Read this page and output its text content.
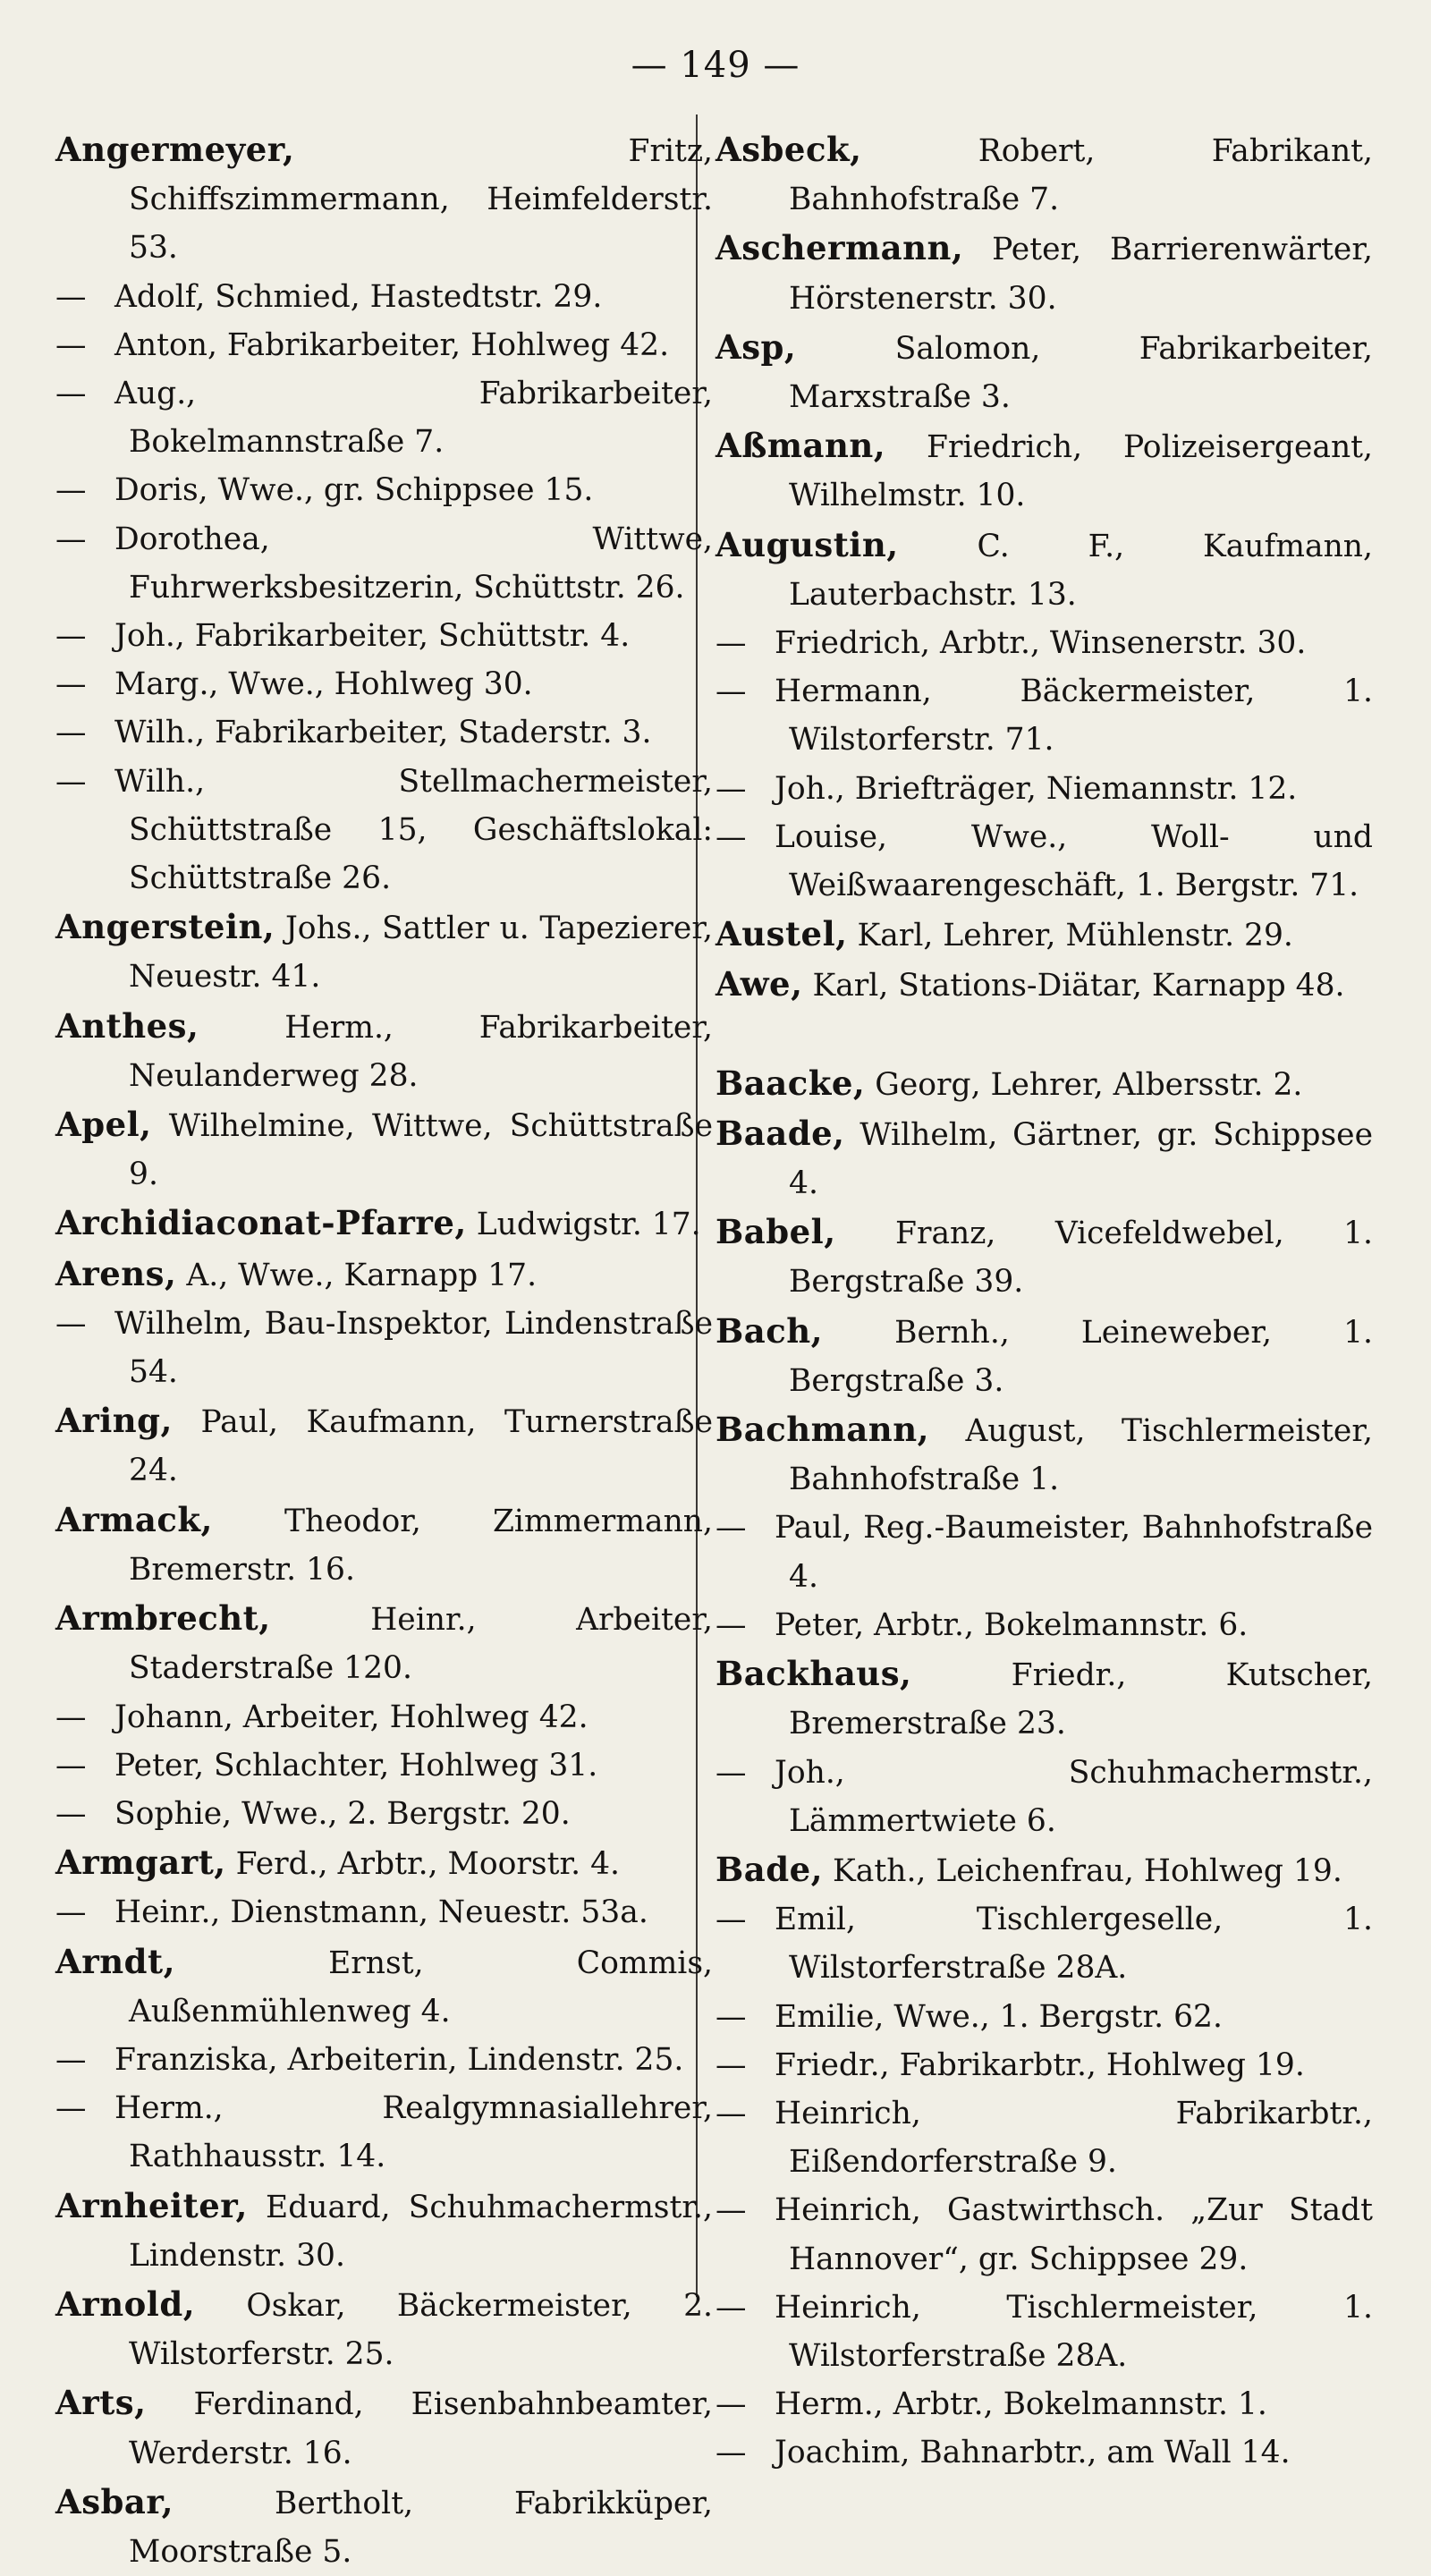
— 149 —
Angermeyer, Fritz, Schiffszimmermann, Heimfelderstr. 53.
— Adolf, Schmied, Hastedtstr. 29.
— Anton, Fabrikarbeiter, Hohlweg 42.
— Aug., Fabrikarbeiter, Bokelmannstraße 7.
— Doris, Wwe., gr. Schippsee 15.
— Dorothea, Wittwe, Fuhrwerksbesitzerin, Schüttstr. 26.
— Joh., Fabrikarbeiter, Schüttstr. 4.
— Marg., Wwe., Hohlweg 30.
— Wilh., Fabrikarbeiter, Staderstr. 3.
— Wilh., Stellmachermeister, Schüttstraße 15, Geschäftslokal: Schüttstraße 26.
Angerstein, Johs., Sattler u. Tapezierer, Neuestr. 41.
Anthes, Herm., Fabrikarbeiter, Neulanderweg 28.
Apel, Wilhelmine, Wittwe, Schüttstraße 9.
Archidiaconat-Pfarre, Ludwigstr. 17.
Arens, A., Wwe., Karnapp 17.
— Wilhelm, Bau-Inspektor, Lindenstraße 54.
Aring, Paul, Kaufmann, Turnerstraße 24.
Armack, Theodor, Zimmermann, Bremerstr. 16.
Armbrecht, Heinr., Arbeiter, Staderstraße 120.
— Johann, Arbeiter, Hohlweg 42.
— Peter, Schlachter, Hohlweg 31.
— Sophie, Wwe., 2. Bergstr. 20.
Armgart, Ferd., Arbtr., Moorstr. 4.
— Heinr., Dienstmann, Neuestr. 53a.
Arndt, Ernst, Commis, Außenmühlenweg 4.
— Franziska, Arbeiterin, Lindenstr. 25.
— Herm., Realgymnasiallehrer, Rathhausstr. 14.
Arnheiter, Eduard, Schuhmachermstr., Lindenstr. 30.
Arnold, Oskar, Bäckermeister, 2. Wilstorferstr. 25.
Arts, Ferdinand, Eisenbahnbeamter, Werderstr. 16.
Asbar, Bertholt, Fabrikküper, Moorstraße 5.
Asbeck, Robert, Fabrikant, Bahnhofstraße 7.
Aschermann, Peter, Barrierenwärter, Hörstenerstr. 30.
Asp, Salomon, Fabrikarbeiter, Marxstraße 3.
Aßmann, Friedrich, Polizeisergeant, Wilhelmstr. 10.
Augustin, C. F., Kaufmann, Lauterbachstr. 13.
— Friedrich, Arbtr., Winsenerstr. 30.
— Hermann, Bäckermeister, 1. Wilstorferstr. 71.
— Joh., Briefträger, Niemannstr. 12.
— Louise, Wwe., Woll- und Weißwaarengeschäft, 1. Bergstr. 71.
Austel, Karl, Lehrer, Mühlenstr. 29.
Awe, Karl, Stations-Diätar, Karnapp 48.
Baacke, Georg, Lehrer, Albersstr. 2.
Baade, Wilhelm, Gärtner, gr. Schippsee 4.
Babel, Franz, Vicefeldwebel, 1. Bergstraße 39.
Bach, Bernh., Leineweber, 1. Bergstraße 3.
Bachmann, August, Tischlermeister, Bahnhofstraße 1.
— Paul, Reg.-Baumeister, Bahnhofstraße 4.
— Peter, Arbtr., Bokelmannstr. 6.
Backhaus, Friedr., Kutscher, Bremerstraße 23.
— Joh., Schuhmachermstr., Lämmertwiete 6.
Bade, Kath., Leichenfrau, Hohlweg 19.
— Emil, Tischlergeselle, 1. Wilstorferstraße 28A.
— Emilie, Wwe., 1. Bergstr. 62.
— Friedr., Fabrikarbtr., Hohlweg 19.
— Heinrich, Fabrikarbtr., Eißendorferstraße 9.
— Heinrich, Gastwirthsch. „Zur Stadt Hannover“, gr. Schippsee 29.
— Heinrich, Tischlermeister, 1. Wilstorferstraße 28A.
— Herm., Arbtr., Bokelmannstr. 1.
— Joachim, Bahnarbtr., am Wall 14.
